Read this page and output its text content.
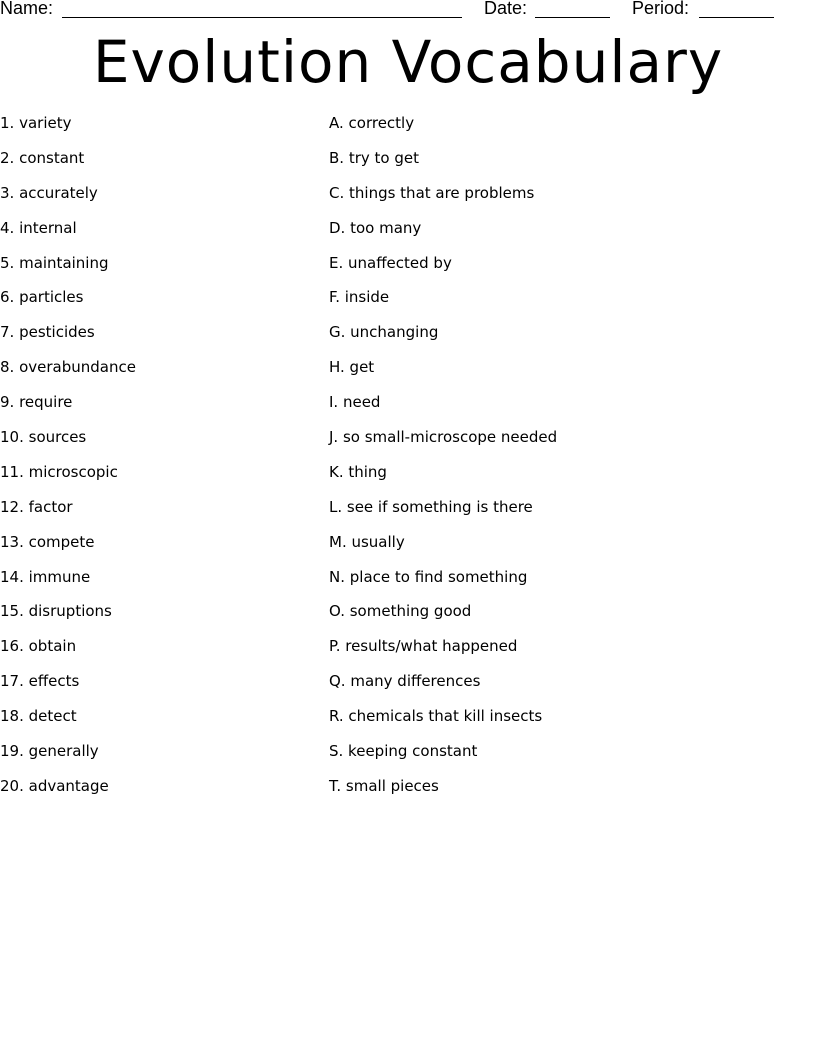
Name:	Date:	Period:
Evolution Vocabulary
1. variety
2. constant
3. accurately
4. internal
5. maintaining
6. particles
7. pesticides
8. overabundance
9. require
10. sources
11. microscopic
12. factor
13. compete
14. immune
15. disruptions
16. obtain
17. effects
18. detect
19. generally
20. advantage
A. correctly
B. try to get
C. things that are problems
D. too many
E. unaffected by
F. inside
G. unchanging
H. get
I. need
J. so small-microscope needed
K. thing
L. see if something is there
M. usually
N. place to find something
O. something good
P. results/what happened
Q. many differences
R. chemicals that kill insects
S. keeping constant
T. small pieces
